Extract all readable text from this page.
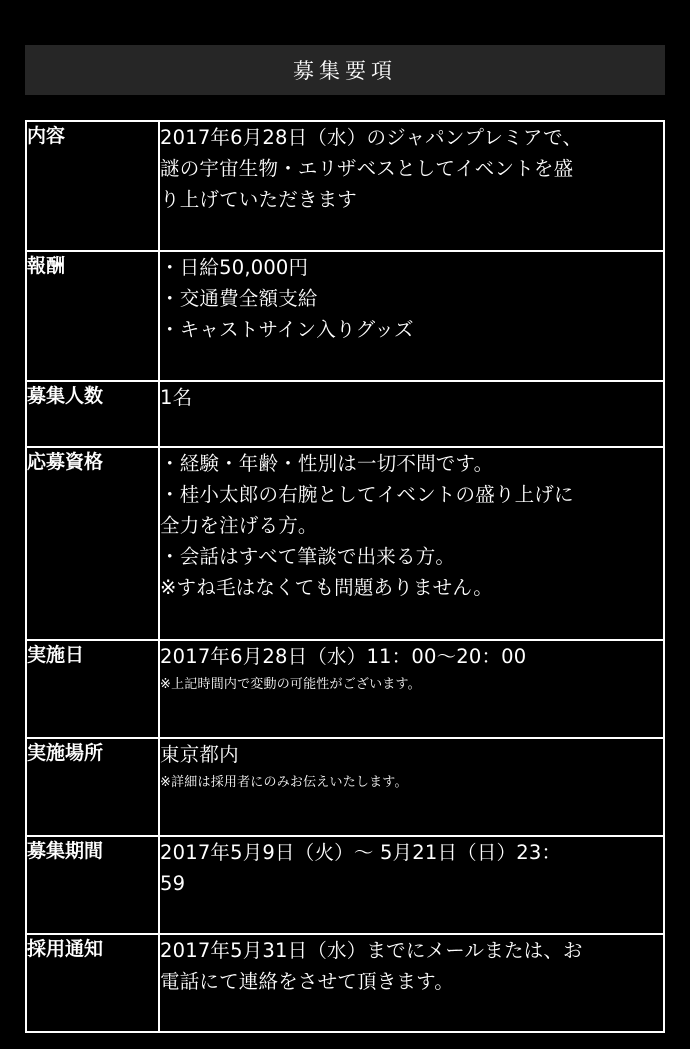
募集要項
内容	2017年6月28日（水）のジャパンプレミアで、
謎の宇宙生物・エリザベスとしてイベントを盛
り上げていただきます

報酬	・日給50,000円
・交通費全額支給
・キャストサイン入りグッズ

募集人数	1名

応募資格	・経験・年齢・性別は一切不問です。
・桂小太郎の右腕としてイベントの盛り上げに
全力を注げる方。
・会話はすべて筆談で出来る方。
※すね毛はなくても問題ありません。

実施日	2017年6月28日（水）11：00〜20：00
※上記時間内で変動の可能性がございます。

実施場所	東京都内
※詳細は採用者にのみお伝えいたします。

募集期間	2017年5月9日（火）〜 5月21日（日）23：
59

採用通知	2017年5月31日（水）までにメールまたは、お
電話にて連絡をさせて頂きます。
